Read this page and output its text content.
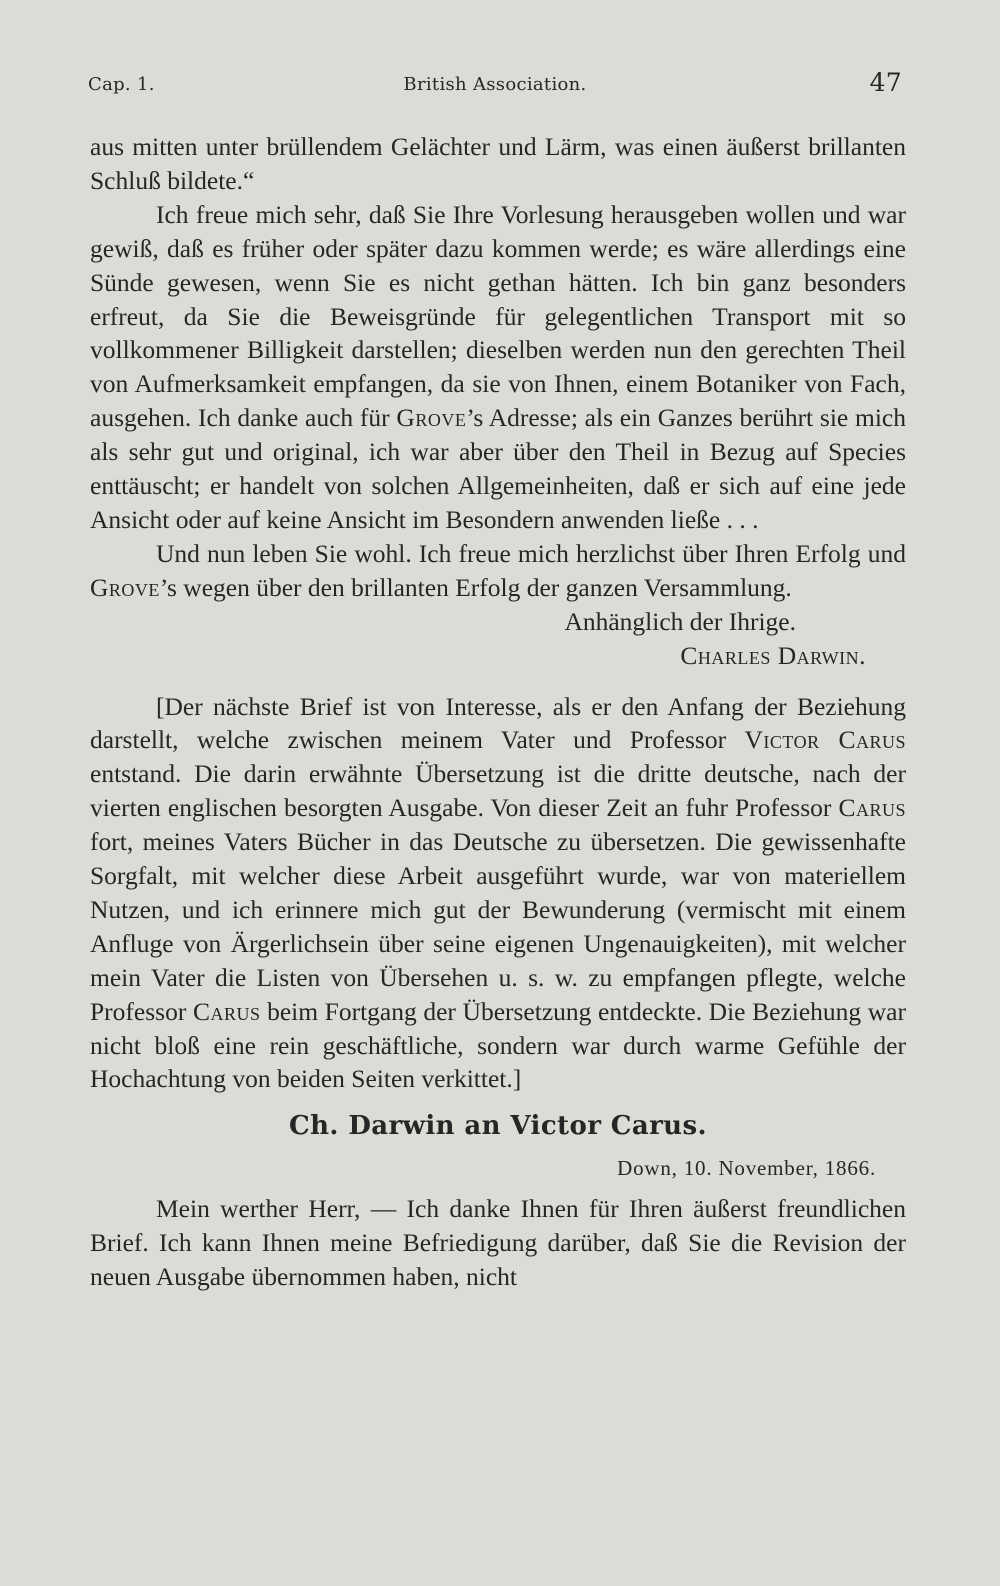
Cap. 1.	British Association.	47

aus mitten unter brüllendem Gelächter und Lärm, was einen äußerst brillanten Schluß bildete.“

Ich freue mich sehr, daß Sie Ihre Vorlesung herausgeben wollen und war gewiß, daß es früher oder später dazu kommen werde; es wäre allerdings eine Sünde gewesen, wenn Sie es nicht gethan hätten. Ich bin ganz besonders erfreut, da Sie die Beweisgründe für gelegentlichen Transport mit so vollkommener Billigkeit darstellen; dieselben werden nun den gerechten Theil von Aufmerksamkeit empfangen, da sie von Ihnen, einem Botaniker von Fach, ausgehen. Ich danke auch für Grove’s Adresse; als ein Ganzes berührt sie mich als sehr gut und original, ich war aber über den Theil in Bezug auf Species enttäuscht; er handelt von solchen Allgemeinheiten, daß er sich auf eine jede Ansicht oder auf keine Ansicht im Besondern anwenden ließe . . .

Und nun leben Sie wohl. Ich freue mich herzlichst über Ihren Erfolg und Grove’s wegen über den brillanten Erfolg der ganzen Versammlung.

Anhänglich der Ihrige.

Charles Darwin.

[Der nächste Brief ist von Interesse, als er den Anfang der Beziehung darstellt, welche zwischen meinem Vater und Professor Victor Carus entstand. Die darin erwähnte Übersetzung ist die dritte deutsche, nach der vierten englischen besorgten Ausgabe. Von dieser Zeit an fuhr Professor Carus fort, meines Vaters Bücher in das Deutsche zu übersetzen. Die gewissenhafte Sorgfalt, mit welcher diese Arbeit ausgeführt wurde, war von materiellem Nutzen, und ich erinnere mich gut der Bewunderung (vermischt mit einem Anfluge von Ärgerlichsein über seine eigenen Ungenauigkeiten), mit welcher mein Vater die Listen von Übersehen u. s. w. zu empfangen pflegte, welche Professor Carus beim Fortgang der Übersetzung entdeckte. Die Beziehung war nicht bloß eine rein geschäftliche, sondern war durch warme Gefühle der Hochachtung von beiden Seiten verkittet.]

Ch. Darwin an Victor Carus.

Down, 10. November, 1866.

Mein werther Herr, — Ich danke Ihnen für Ihren äußerst freundlichen Brief. Ich kann Ihnen meine Befriedigung darüber, daß Sie die Revision der neuen Ausgabe übernommen haben, nicht
